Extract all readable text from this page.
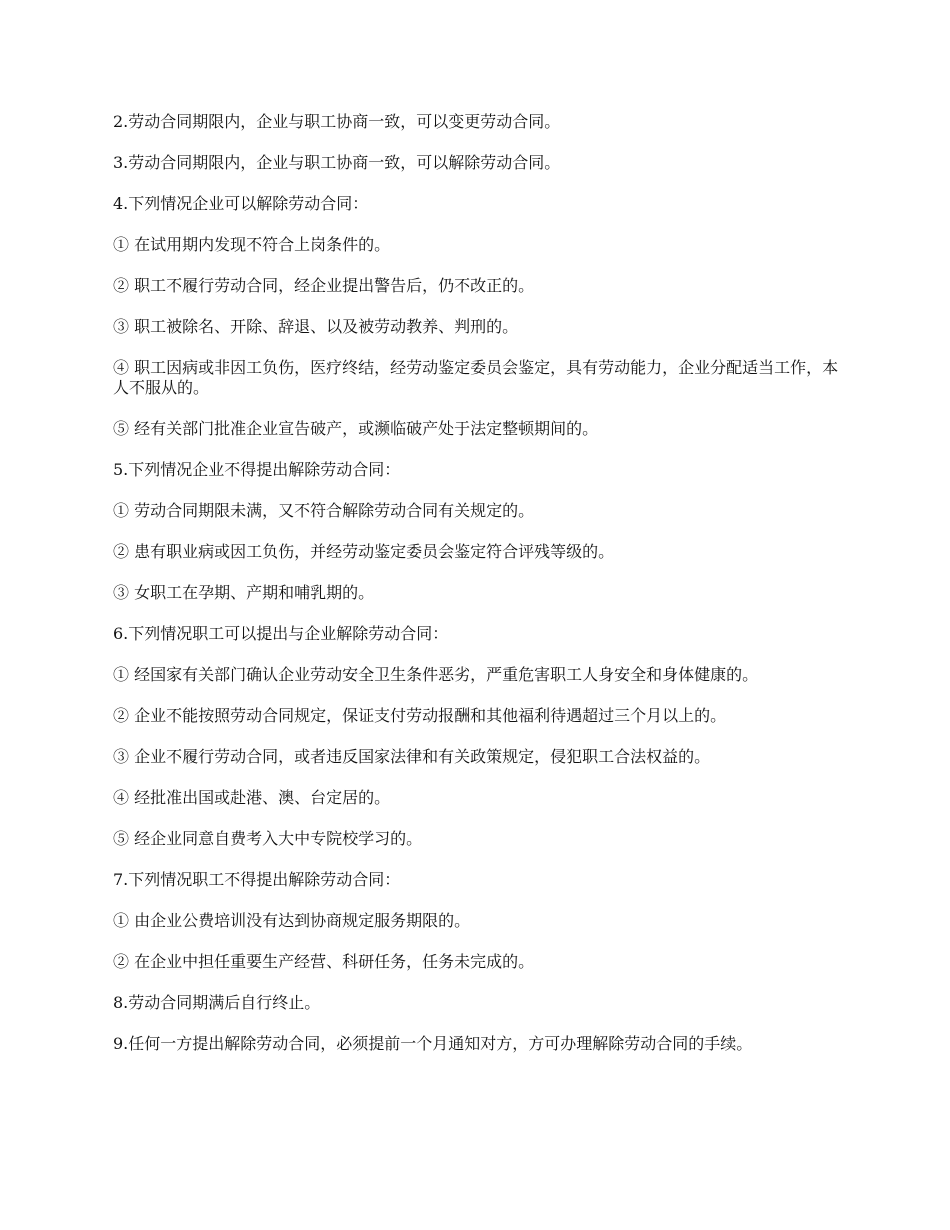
2.劳动合同期限内，企业与职工协商一致，可以变更劳动合同。

3.劳动合同期限内，企业与职工协商一致，可以解除劳动合同。

4.下列情况企业可以解除劳动合同：

① 在试用期内发现不符合上岗条件的。

② 职工不履行劳动合同，经企业提出警告后，仍不改正的。

③ 职工被除名、开除、辞退、以及被劳动教养、判刑的。

④ 职工因病或非因工负伤，医疗终结，经劳动鉴定委员会鉴定，具有劳动能力，企业分配适当工作，本人不服从的。

⑤ 经有关部门批准企业宣告破产，或濒临破产处于法定整顿期间的。

5.下列情况企业不得提出解除劳动合同：

① 劳动合同期限未满，又不符合解除劳动合同有关规定的。

② 患有职业病或因工负伤，并经劳动鉴定委员会鉴定符合评残等级的。

③ 女职工在孕期、产期和哺乳期的。

6.下列情况职工可以提出与企业解除劳动合同：

① 经国家有关部门确认企业劳动安全卫生条件恶劣，严重危害职工人身安全和身体健康的。

② 企业不能按照劳动合同规定，保证支付劳动报酬和其他福利待遇超过三个月以上的。

③ 企业不履行劳动合同，或者违反国家法律和有关政策规定，侵犯职工合法权益的。

④ 经批准出国或赴港、澳、台定居的。

⑤ 经企业同意自费考入大中专院校学习的。

7.下列情况职工不得提出解除劳动合同：

① 由企业公费培训没有达到协商规定服务期限的。

② 在企业中担任重要生产经营、科研任务，任务未完成的。

8.劳动合同期满后自行终止。

9.任何一方提出解除劳动合同，必须提前一个月通知对方，方可办理解除劳动合同的手续。
